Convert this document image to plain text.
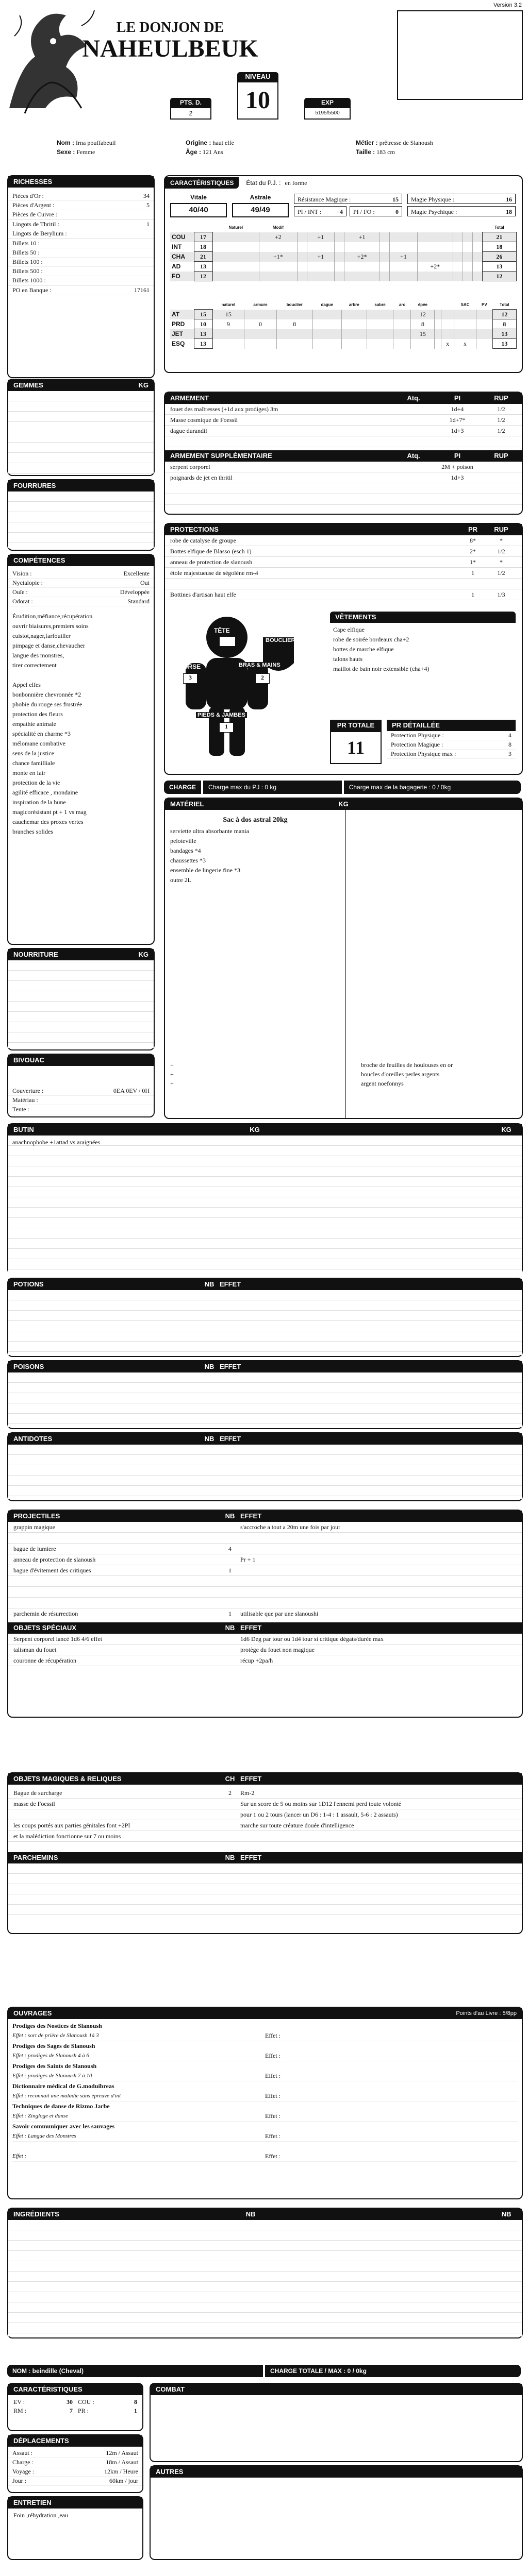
Version 3.2
LE DONJON DE
NAHEULBEUK
PTS. D.
2
NIVEAU
10	EXP
5195/5500
Nom : Irna pouffabeuil
Sexe : Femme
Origine : haut elfe
Âge : 121 Ans
Métier : prêtresse de Slanoush
Taille : 183 cm
RICHESSES
Pièces d'Or :	34
Pièces d'Argent :	5
Pièces de Cuivre :
Lingots de Thritil :	1
Lingots de Berylium :
Billets 10 :
Billets 50 :
Billets 100 :
Billets 500 :
Billets 1000 :
PO en Banque :	17161
GEMMES	KG
FOURRURES
COMPÉTENCES
Vision :	Excellente
Nyctalopie :	Oui
Ouïe :	Développée
Odorat :	Standard
Érudition,méfiance,récupération
ouvrir biaisures,premiers soins
cuistot,nager,farfouiller
pimpage et danse,chevaucher
langue des monstres,
tirer correctement

Appel elfes
bonbonnière chevronnée *2
phobie du rouge ses frustrée
protection des fleurs
empathie animale
spécialité en charme *3
mélomane combative
sens de la justice
chance familliale
monte en fair
protection de la vie
agilité efficace , mondaine
inspiration de la hune
magicorésistant pt + 1 vs mag
cauchemar des proxes vertes
branches solides
NOURRITURE	KG
BIVOUAC
Couverture :	0EA 0EV / 0H
Matériau :
Tente :
CARACTÉRISTIQUES	État du P.J. : en forme
Vitale
40/40
Astrale
49/49
Résistance Magique :	15
PI / INT : +4 PI / FO :	0
Magie Physique :	16
Magie Psychique :	18
		Naturel	Modif											Total
COU	17		+2		+1		+1							21
INT	18													18
CHA	21		+1*		+1		+2*		+1					26
AD	13									+2*				13
FO	12													12
		naturel	armure	bouclier	dague	arbre	sabre	arc	épée			SAC	PV	Total
AT	15	15							12					12
PRD	10	9	0	8					8					8
JET	13								15					13
ESQ	13										x	x		13
ARMEMENT	Atq.	PI	RUP
fouet des maîtresses (+1d aux prodiges) 3m	1d+4	1/2
Masse cosmique de Foessil	1d+7*	1/2
dague durandil	1d+3	1/2

ARMEMENT SUPPLÉMENTAIRE	Atq.	PI	RUP
serpent corporel	2M + poison
poignards de jet en thritil	1d+3

PROTECTIONS	PR	RUP
robe de catalyse de groupe	8*	*
Bottes elfique de Blasso (esch 1)	2*	1/2
anneau de protection de slanoush	1*	*
étole majestueuse de ségolène rm-4	1	1/2

Bottines d'artisan haut elfe	1	1/3
TÊTE
TORSE
3
BRAS & MAINS
2
PIEDS & JAMBES
1
BOUCLIER
VÊTEMENTS
Cape elfique
robe de soirée bordeaux cha+2
bottes de marche elfique
talons hauts
maillot de bain noir extensible (cha+4)
PR TOTALE
11
PR DÉTAILLÉE
Protection Physique :	4
Protection Magique :	8
Protection Physique max :	3
CHARGE	Charge max du PJ : 0 kg	Charge max de la bagagerie : 0 / 0kg
MATÉRIEL	KG
Sac à dos astral 20kg
serviette ultra absorbante mania
peloteville
bandages *4
chaussettes *3
ensemble de lingerie fine *3
outre 2L
+
+
+
broche de feuilles de houlouses en or
boucles d'oreilles perles argents
argent noefonnys
BUTIN	KG	KG
anachnophobe +1attad vs araignées
POTIONS	NB EFFET
POISONS	NB EFFET
ANTIDOTES	NB EFFET
PROJECTILES	NB EFFET
grappin magique	s'accroche a tout a 20m une fois par jour

bague de lumiere	4
anneau de protection de slanoush	Pr + 1
bague d'évitement des critiques	1

parchemin de résurrection	1	utilisable que par une slanoushi
OBJETS SPÉCIAUX	NB EFFET
Serpent corporel lancé 1d6 4/6 effet	1d6 Deg par tour ou 1d4 tour si critique dégats/durée max
talisman du fouet	protège du fouet non magique
couronne de récupération	récup +2pa/h
OBJETS MAGIQUES & RELIQUES	CH EFFET
Bague de surcharge	2	Rm-2
masse de Foessil	Sur un score de 5 ou moins sur 1D12 l'ennemi perd toute volonté

pour 1 ou 2 tours (lancer un D6 : 1-4 : 1 assault, 5-6 : 2 assauts)
les coups portés aux parties génitales font +2PI	marche sur toute créature douée d'intelligence
et la malédiction fonctionne sur 7 ou moins
PARCHEMINS	NB EFFET
OUVRAGES	Points d'au Livre : 5/8pp
Prodiges des Nostices de Slanoush
Effet : sort de prière de Slanoush 1à 3	Effet :
Prodiges des Sages de Slanoush
Effet : prodiges de Slanoush 4 à 6	Effet :
Prodiges des Saints de Slanoush
Effet : prodiges de Slanoush 7 à 10	Effet :
Dictionnaire médical de G.moduibreas
Effet : reconnait une maladie sans épreuve d'int	Effet :
Techniques de danse de Rizmo Jarbe
Effet : Zingloge et danse	Effet :
Savoir communiquer avec les sauvages
Effet : Langue des Monstres	Effet :

Effet :	Effet :
INGRÉDIENTS	NB	NB
NOM : beindille (Cheval)	CHARGE TOTALE / MAX : 0 / 0kg
CARACTÉRISTIQUES
EV :	30 COU :	8
RM :	7 PR :	1
COMBAT
DÉPLACEMENTS
Assaut :	12m / Assaut
Charge :	18m / Assaut
Voyage :	12km / Heure
Jour :	60km / jour
AUTRES
ENTRETIEN
Foin ,réhydration ,eau
